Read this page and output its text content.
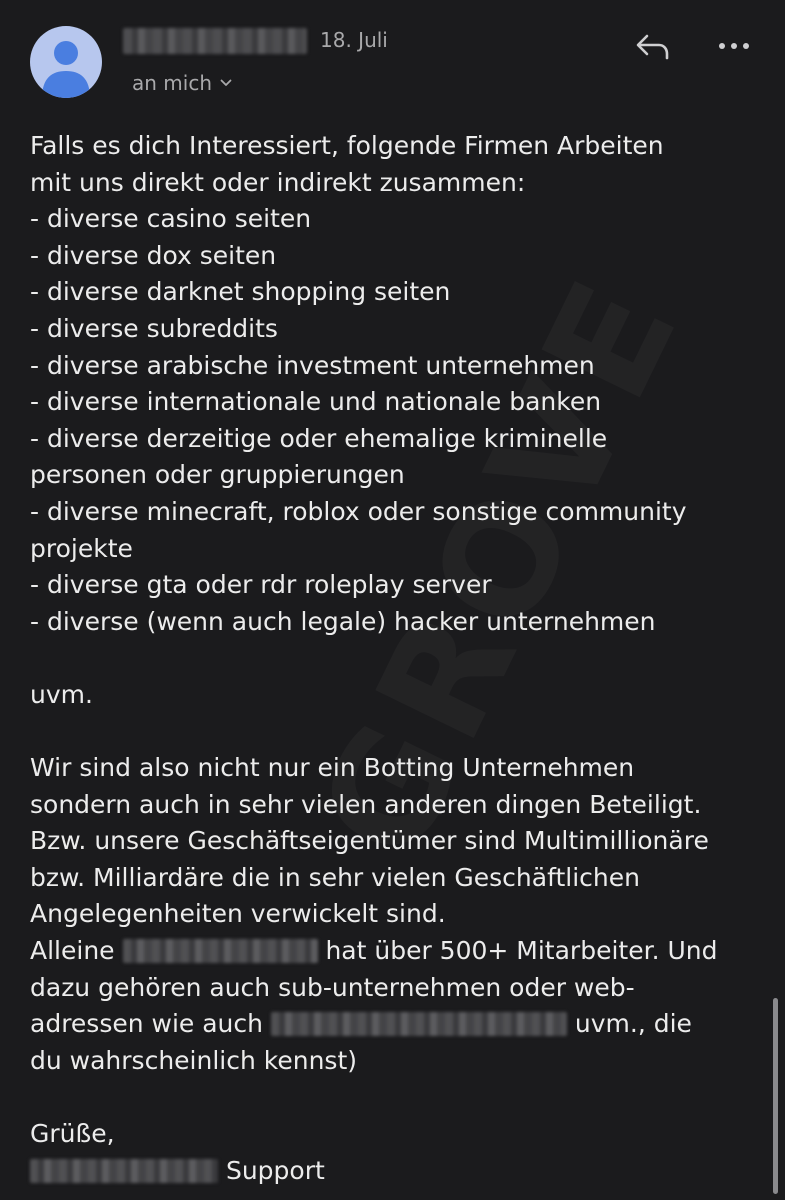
18. Juli
an mich
Falls es dich Interessiert, folgende Firmen Arbeiten
mit uns direkt oder indirekt zusammen:
- diverse casino seiten
- diverse dox seiten
- diverse darknet shopping seiten
- diverse subreddits
- diverse arabische investment unternehmen
- diverse internationale und nationale banken
- diverse derzeitige oder ehemalige kriminelle
personen oder gruppierungen
- diverse minecraft, roblox oder sonstige community
projekte
- diverse gta oder rdr roleplay server
- diverse (wenn auch legale) hacker unternehmen
uvm.
Wir sind also nicht nur ein Botting Unternehmen
sondern auch in sehr vielen anderen dingen Beteiligt.
Bzw. unsere Geschäftseigentümer sind Multimillionäre
bzw. Milliardäre die in sehr vielen Geschäftlichen
Angelegenheiten verwickelt sind.
Alleine	hat über 500+ Mitarbeiter. Und
dazu gehören auch sub-unternehmen oder web-
adressen wie auch	uvm., die
du wahrscheinlich kennst)
Grüße,
Support
